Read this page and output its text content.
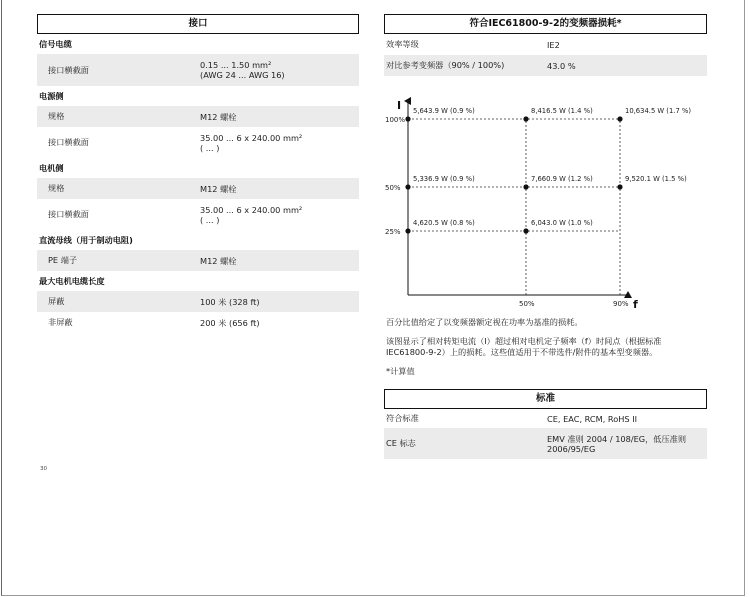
接口
信号电缆
接口横截面	0.15 ... 1.50 mm²
(AWG 24 ... AWG 16)
电源侧
规格	M12 螺栓
接口横截面	35.00 ... 6 x 240.00 mm²
( ... )
电机侧
规格	M12 螺栓
接口横截面	35.00 ... 6 x 240.00 mm²
( ... )
直流母线（用于制动电阻)
PE 端子	M12 螺栓
最大电机电缆长度
屏蔽	100 米 (328 ft)
非屏蔽	200 米 (656 ft)
符合IEC61800-9-2的变频器损耗*
效率等级	IE2
对比参考变频器（90% / 100%)	43.0 %
I
f
100%
50%
25%
50%	90%
5,643.9 W (0.9 %)	8,416.5 W (1.4 %)	10,634.5 W (1.7 %)
5,336.9 W (0.9 %)	7,660.9 W (1.2 %)	9,520.1 W (1.5 %)
4,620.5 W (0.8 %)	6,043.0 W (1.0 %)
百分比值给定了以变频器额定视在功率为基准的损耗。
该图显示了相对转矩电流（I）超过相对电机定子频率（f）时间点（根据标准
IEC61800-9-2）上的损耗。这些值适用于不带选件/附件的基本型变频器。
*计算值
标准
符合标准	CE, EAC, RCM, RoHS II
CE 标志	EMV 准则 2004 / 108/EG，低压准则
2006/95/EG
30
